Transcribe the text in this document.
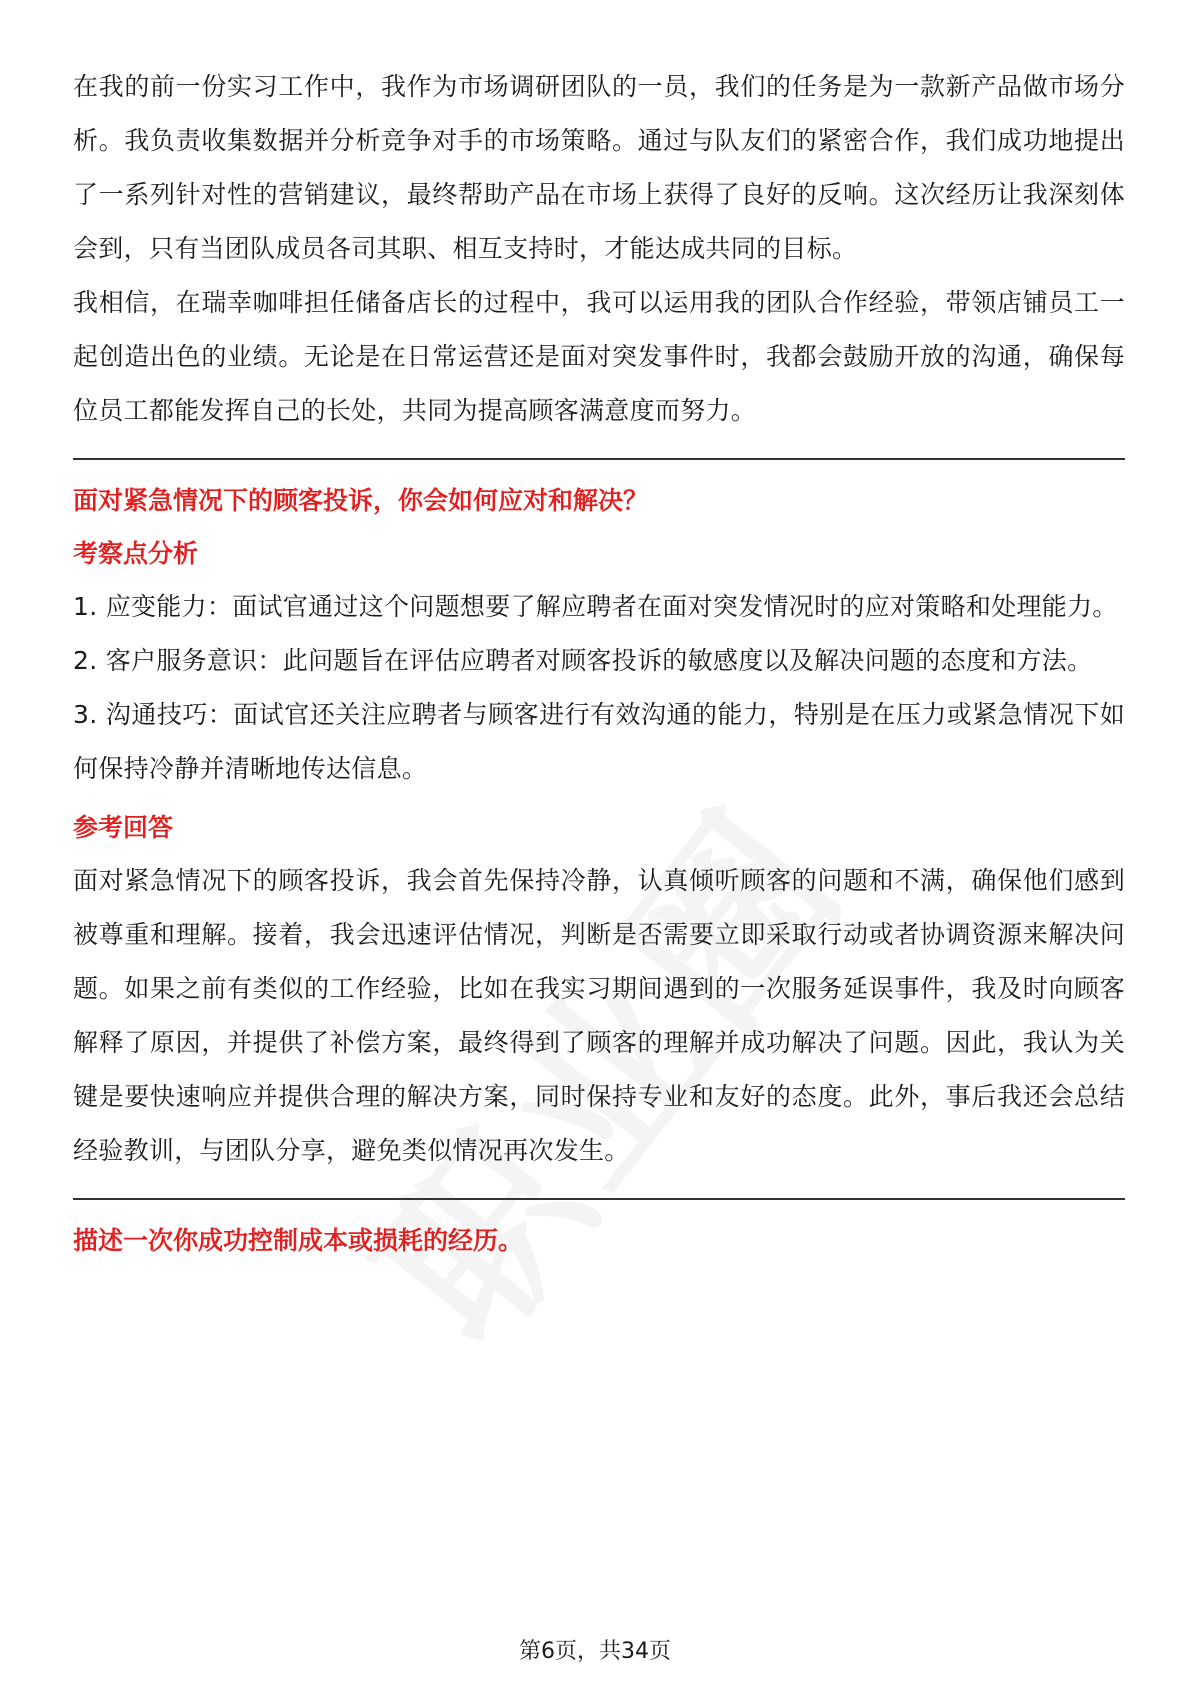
在我的前一份实习工作中，我作为市场调研团队的一员，我们的任务是为一款新产品做市场分析。我负责收集数据并分析竞争对手的市场策略。通过与队友们的紧密合作，我们成功地提出了一系列针对性的营销建议，最终帮助产品在市场上获得了良好的反响。这次经历让我深刻体会到，只有当团队成员各司其职、相互支持时，才能达成共同的目标。

我相信，在瑞幸咖啡担任储备店长的过程中，我可以运用我的团队合作经验，带领店铺员工一起创造出色的业绩。无论是在日常运营还是面对突发事件时，我都会鼓励开放的沟通，确保每位员工都能发挥自己的长处，共同为提高顾客满意度而努力。

面对紧急情况下的顾客投诉，你会如何应对和解决？

考察点分析

1. 应变能力：面试官通过这个问题想要了解应聘者在面对突发情况时的应对策略和处理能力。

2. 客户服务意识：此问题旨在评估应聘者对顾客投诉的敏感度以及解决问题的态度和方法。

3. 沟通技巧：面试官还关注应聘者与顾客进行有效沟通的能力，特别是在压力或紧急情况下如何保持冷静并清晰地传达信息。

参考回答

面对紧急情况下的顾客投诉，我会首先保持冷静，认真倾听顾客的问题和不满，确保他们感到被尊重和理解。接着，我会迅速评估情况，判断是否需要立即采取行动或者协调资源来解决问题。如果之前有类似的工作经验，比如在我实习期间遇到的一次服务延误事件，我及时向顾客解释了原因，并提供了补偿方案，最终得到了顾客的理解并成功解决了问题。因此，我认为关键是要快速响应并提供合理的解决方案，同时保持专业和友好的态度。此外，事后我还会总结经验教训，与团队分享，避免类似情况再次发生。

描述一次你成功控制成本或损耗的经历。

第6页，共34页
